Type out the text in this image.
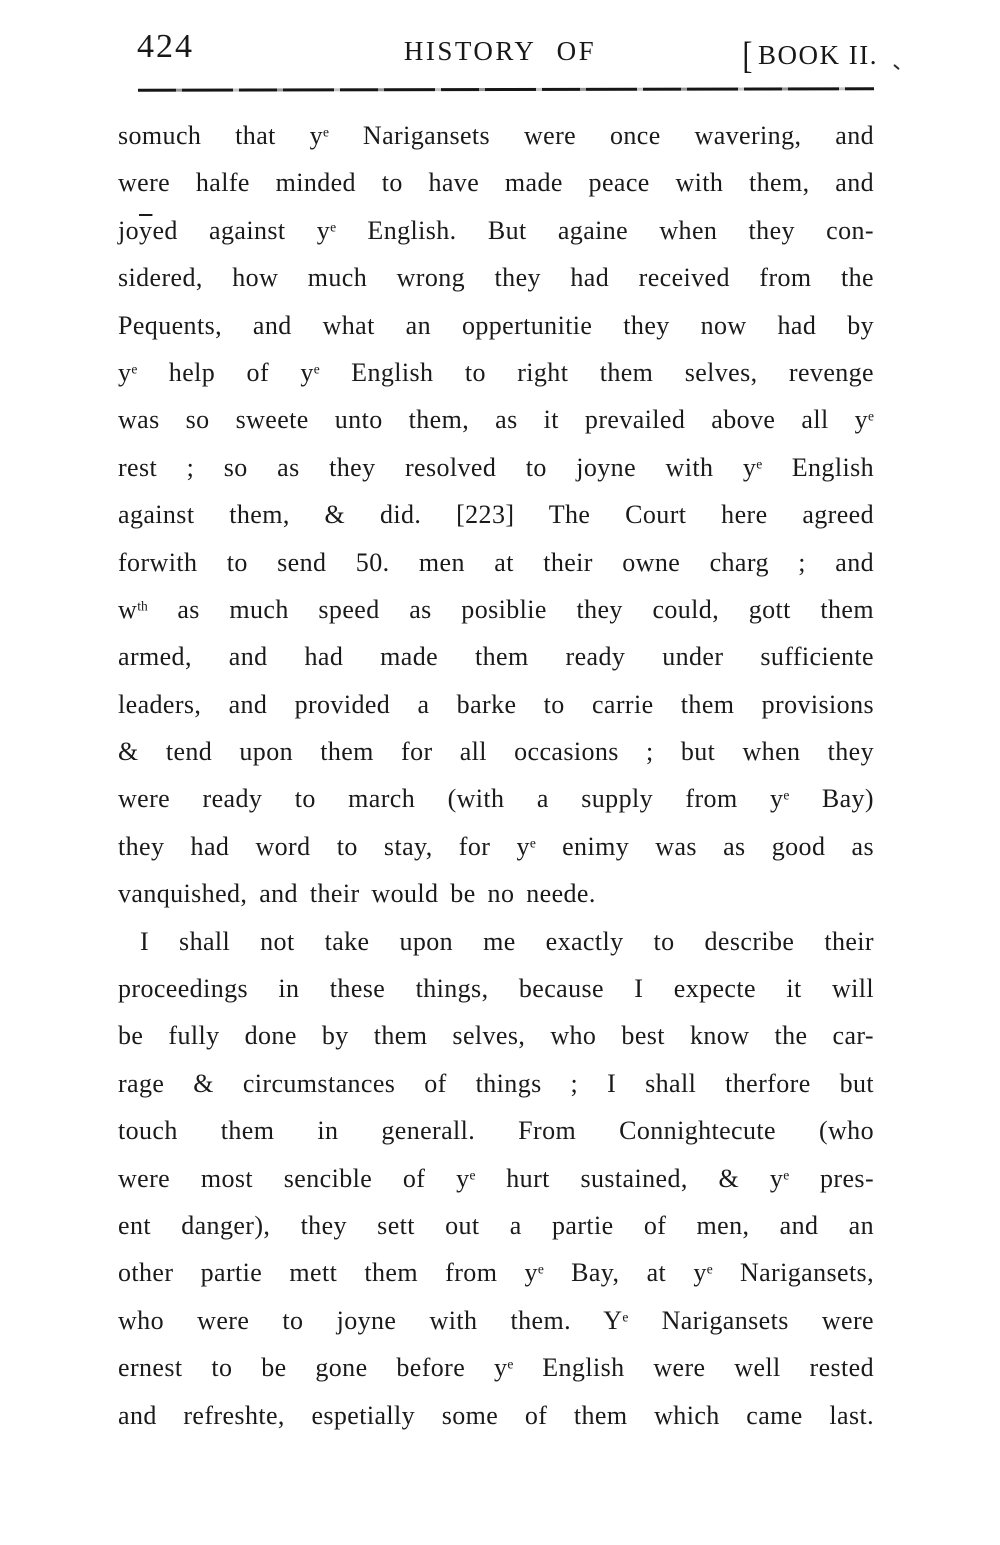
424	HISTORY OF	[ BOOK II.
somuch that $y^e$ Narigansets were once wavering, and
were halfe minded to have made peace with them, and
$jo\overline{y}ed$ against $y^e$ English. But againe when they con-
sidered, how much wrong they had received from the
Pequents, and what an oppertunitie they now had by
$y^e$ help of $y^e$ English to right them selves, revenge
was so sweete unto them, as it prevailed above all $y^e$
rest ; so as they resolved to joyne with $y^e$ English
against them, & did. [223] The Court here agreed
forwith to send 50. men at their owne charg ; and
$w^{th}$ as much speed as posiblie they could, gott them
armed, and had made them ready under sufficiente
leaders, and provided a barke to carrie them provisions
& tend upon them for all occasions ; but when they
were ready to march (with a supply from $y^e$ Bay)
they had word to stay, for $y^e$ enimy was as good as
vanquished, and their would be no neede.
I shall not take upon me exactly to describe their
proceedings in these things, because I expecte it will
be fully done by them selves, who best know the car-
rage & circumstances of things ; I shall therfore but
touch them in generall. From Connightecute (who
were most sencible of $y^e$ hurt sustained, & $y^e$ pres-
ent danger), they sett out a partie of men, and an
other partie mett them from $y^e$ Bay, at $y^e$ Narigansets,
who were to joyne with them. $Y^e$ Narigansets were
ernest to be gone before $y^e$ English were well rested
and refreshte, espetially some of them which came last.
